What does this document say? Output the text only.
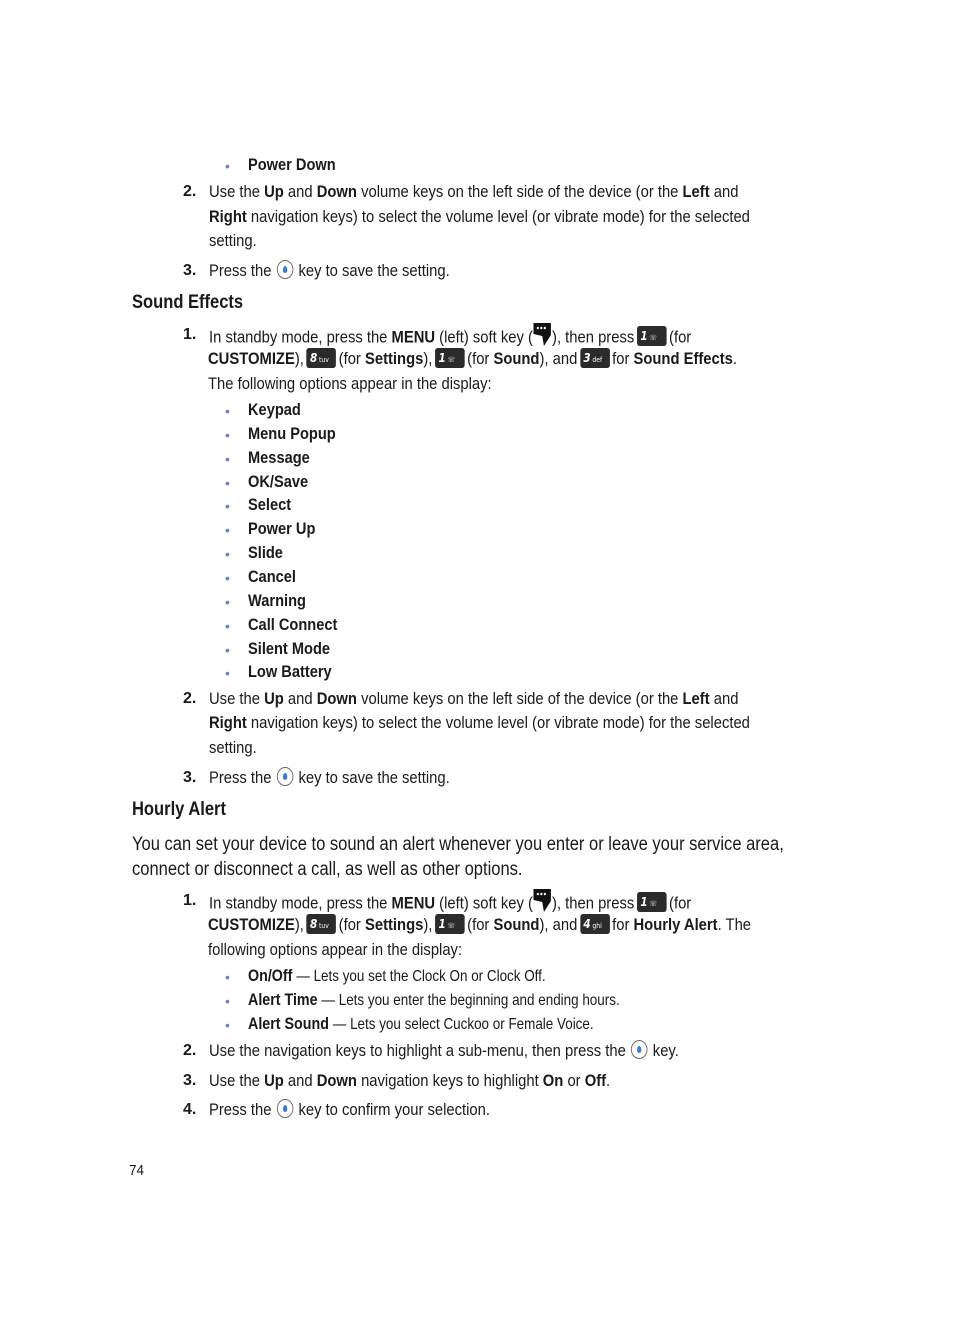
• Power Down
2. Use the Up and Down volume keys on the left side of the device (or the Left and
Right navigation keys) to select the volume level (or vibrate mode) for the selected
setting.
3. Press the key to save the setting.
Sound Effects
1. In standby mode, press the MENU (left) soft key ( ), then press 1 ☏ (for
CUSTOMIZE), 8 tuv (for Settings), 1 ☏ (for Sound), and 3 def for Sound Effects.
The following options appear in the display:
• Keypad
• Menu Popup
• Message
• OK/Save
• Select
• Power Up
• Slide
• Cancel
• Warning
• Call Connect
• Silent Mode
• Low Battery
2. Use the Up and Down volume keys on the left side of the device (or the Left and
Right navigation keys) to select the volume level (or vibrate mode) for the selected
setting.
3. Press the key to save the setting.
Hourly Alert
You can set your device to sound an alert whenever you enter or leave your service area,
connect or disconnect a call, as well as other options.
1. In standby mode, press the MENU (left) soft key ( ), then press 1 ☏ (for
CUSTOMIZE), 8 tuv (for Settings), 1 ☏ (for Sound), and 4 ghi for Hourly Alert. The
following options appear in the display:
• On/Off — Lets you set the Clock On or Clock Off.
• Alert Time — Lets you enter the beginning and ending hours.
• Alert Sound — Lets you select Cuckoo or Female Voice.
2. Use the navigation keys to highlight a sub-menu, then press the key.
3. Use the Up and Down navigation keys to highlight On or Off.
4. Press the key to confirm your selection.
74
